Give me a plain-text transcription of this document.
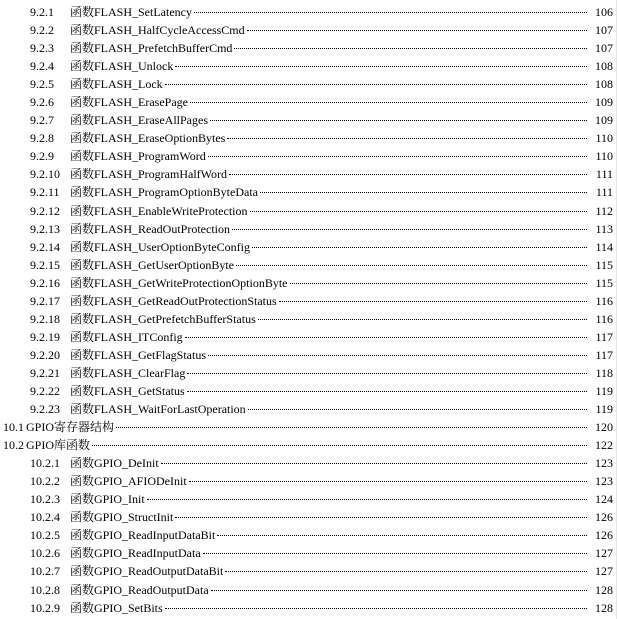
9.2.1	函数FLASH_SetLatency	106
9.2.2	函数FLASH_HalfCycleAccessCmd	107
9.2.3	函数FLASH_PrefetchBufferCmd	107
9.2.4	函数FLASH_Unlock	108
9.2.5	函数FLASH_Lock	108
9.2.6	函数FLASH_ErasePage	109
9.2.7	函数FLASH_EraseAllPages	109
9.2.8	函数FLASH_EraseOptionBytes	110
9.2.9	函数FLASH_ProgramWord	110
9.2.10 函数FLASH_ProgramHalfWord	111
9.2.11 函数FLASH_ProgramOptionByteData	111
9.2.12 函数FLASH_EnableWriteProtection	112
9.2.13 函数FLASH_ReadOutProtection	113
9.2.14 函数FLASH_UserOptionByteConfig	114
9.2.15 函数FLASH_GetUserOptionByte	115
9.2.16 函数FLASH_GetWriteProtectionOptionByte	115
9.2.17 函数FLASH_GetReadOutProtectionStatus	116
9.2.18 函数FLASH_GetPrefetchBufferStatus	116
9.2.19 函数FLASH_ITConfig	117
9.2.20 函数FLASH_GetFlagStatus	117
9.2.21 函数FLASH_ClearFlag	118
9.2.22 函数FLASH_GetStatus	119
9.2.23 函数FLASH_WaitForLastOperation	119
10.1 GPIO寄存器结构	120
10.2 GPIO库函数	122
10.2.1 函数GPIO_DeInit	123
10.2.2 函数GPIO_AFIODeInit	123
10.2.3 函数GPIO_Init	124
10.2.4 函数GPIO_StructInit	126
10.2.5 函数GPIO_ReadInputDataBit	126
10.2.6 函数GPIO_ReadInputData	127
10.2.7 函数GPIO_ReadOutputDataBit	127
10.2.8 函数GPIO_ReadOutputData	128
10.2.9 函数GPIO_SetBits	128
